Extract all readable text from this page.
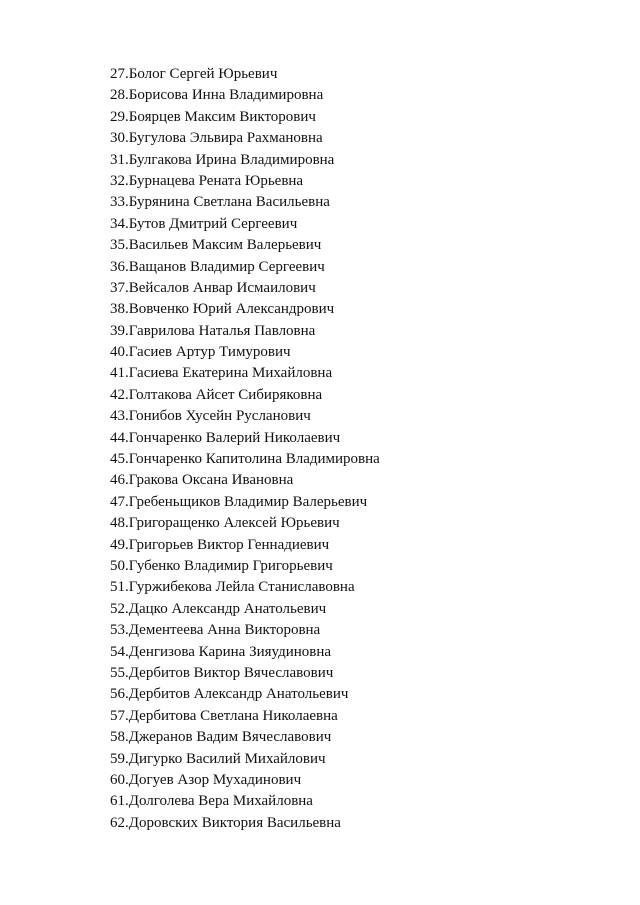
27.Болог Сергей Юрьевич
28.Борисова Инна Владимировна
29.Боярцев Максим Викторович
30.Бугулова Эльвира Рахмановна
31.Булгакова Ирина Владимировна
32.Бурнацева Рената Юрьевна
33.Бурянина Светлана Васильевна
34.Бутов Дмитрий Сергеевич
35.Васильев Максим Валерьевич
36.Ващанов Владимир Сергеевич
37.Вейсалов Анвар Исмаилович
38.Вовченко Юрий Александрович
39.Гаврилова Наталья Павловна
40.Гасиев Артур Тимурович
41.Гасиева Екатерина Михайловна
42.Голтакова Айсет Сибиряковна
43.Гонибов Хусейн Русланович
44.Гончаренко Валерий Николаевич
45.Гончаренко Капитолина Владимировна
46.Гракова Оксана Ивановна
47.Гребеньщиков Владимир Валерьевич
48.Григоращенко Алексей Юрьевич
49.Григорьев Виктор Геннадиевич
50.Губенко Владимир Григорьевич
51.Гуржибекова Лейла Станиславовна
52.Дацко Александр Анатольевич
53.Дементеева Анна Викторовна
54.Денгизова Карина Зияудиновна
55.Дербитов Виктор Вячеславович
56.Дербитов Александр Анатольевич
57.Дербитова Светлана Николаевна
58.Джеранов Вадим Вячеславович
59.Дигурко Василий Михайлович
60.Догуев Азор Мухадинович
61.Долголева Вера Михайловна
62.Доровских Виктория Васильевна
